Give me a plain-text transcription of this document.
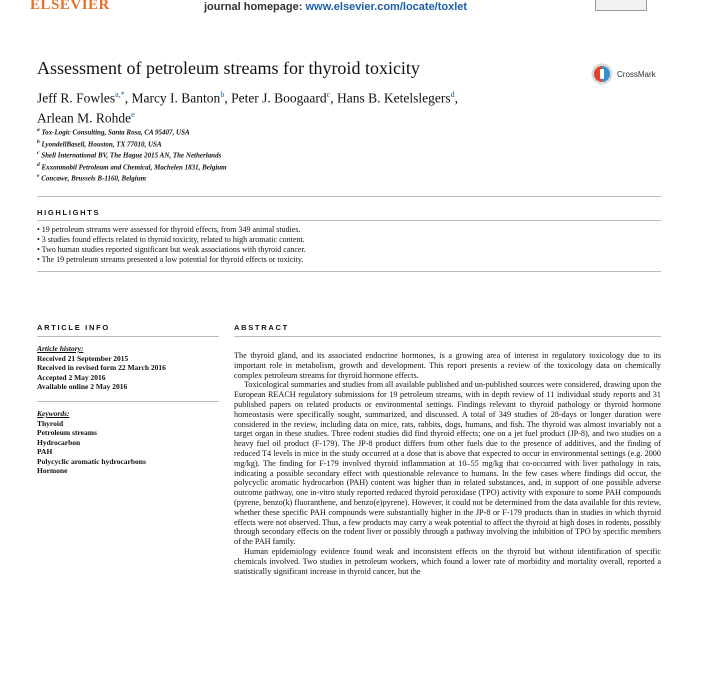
ELSEVIER	journal homepage: www.elsevier.com/locate/toxlet
Assessment of petroleum streams for thyroid toxicity	CrossMark
Jeff R. Fowles$^{a,*}$, Marcy I. Banton$^b$, Peter J. Boogaard$^c$, Hans B. Ketelslegers$^d$,
Arlean M. Rohde$^e$
$^a$ Tox-Logic Consulting, Santa Rosa, CA 95407, USA
$^b$ LyondellBasell, Houston, TX 77010, USA
$^c$ Shell International BV, The Hague 2015 AN, The Netherlands
$^d$ Exxonmobil Petroleum and Chemical, Machelen 1831, Belgium
$^e$ Concawe, Brussels B-1160, Belgium
HIGHLIGHTS
• 19 petroleum streams were assessed for thyroid effects, from 349 animal studies.
• 3 studies found effects related to thyroid toxicity, related to high aromatic content.
• Two human studies reported significant but weak associations with thyroid cancer.
• The 19 petroleum streams presented a low potential for thyroid effects or toxicity.
ARTICLE INFO	ABSTRACT
Article history:
Received 21 September 2015
Received in revised form 22 March 2016
Accepted 2 May 2016
Available online 2 May 2016
Keywords:
Thyroid
Petroleum streams
Hydrocarbon
PAH
Polycyclic aromatic hydrocarbons
Hormone

The thyroid gland, and its associated endocrine hormones, is a growing area of interest in regulatory toxicology due to its important role in metabolism, growth and development. This report presents a review of the toxicology data on chemically complex petroleum streams for thyroid hormone effects.

Toxicological summaries and studies from all available published and un-published sources were considered, drawing upon the European REACH regulatory submissions for 19 petroleum streams, with in depth review of 11 individual study reports and 31 published papers on related products or environmental settings. Findings relevant to thyroid pathology or thyroid hormone homeostasis were specifically sought, summarized, and discussed. A total of 349 studies of 28-days or longer duration were considered in the review, including data on mice, rats, rabbits, dogs, humans, and fish. The thyroid was almost invariably not a target organ in these studies. Three rodent studies did find thyroid effects; one on a jet fuel product (JP-8), and two studies on a heavy fuel oil product (F-179). The JP-8 product differs from other fuels due to the presence of additives, and the finding of reduced T4 levels in mice in the study occurred at a dose that is above that expected to occur in environmental settings (e.g. 2000 mg/kg). The finding for F-179 involved thyroid inflammation at 10–55 mg/kg that co-occurred with liver pathology in rats, indicating a possible secondary effect with questionable relevance to humans. In the few cases where findings did occur, the polycyclic aromatic hydrocarbon (PAH) content was higher than in related substances, and, in support of one possible adverse outcome pathway, one in-vitro study reported reduced thyroid peroxidase (TPO) activity with exposure to some PAH compounds (pyrene, benzo(k) fluoranthene, and benzo(e)pyrene). However, it could not be determined from the data available for this review, whether these specific PAH compounds were substantially higher in the JP-8 or F-179 products than in studies in which thyroid effects were not observed. Thus, a few products may carry a weak potential to affect the thyroid at high doses in rodents, possibly through secondary effects on the rodent liver or possibly through a pathway involving the inhibition of TPO by specific members of the PAH family.

Human epidemiology evidence found weak and inconsistent effects on the thyroid but without identification of specific chemicals involved. Two studies in petroleum workers, which found a lower rate of morbidity and mortality overall, reported a statistically significant increase in thyroid cancer, but the
